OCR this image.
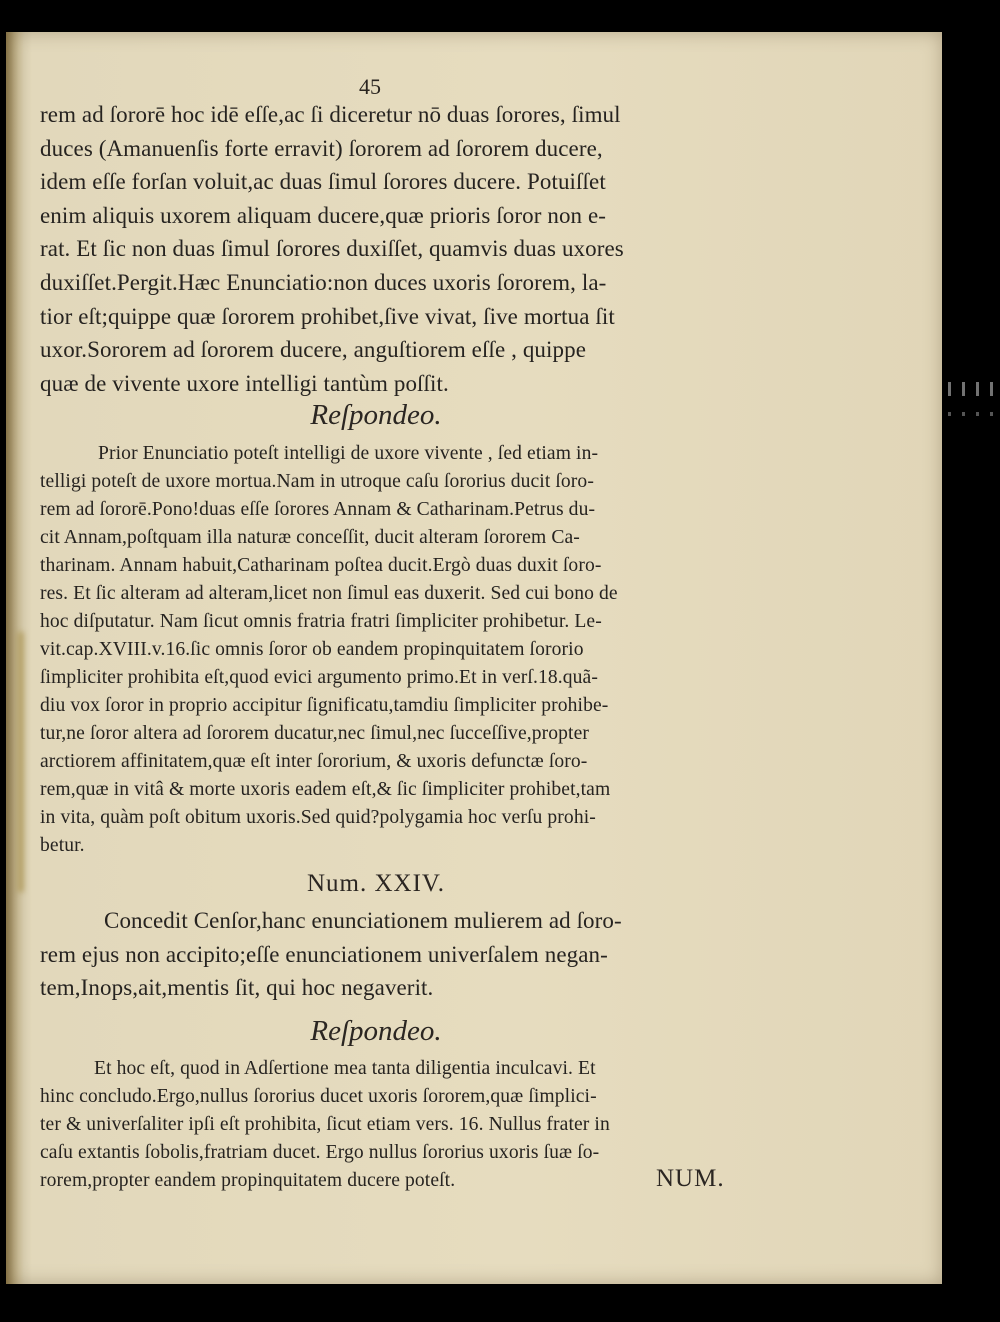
45
rem ad ſororē hoc idē eſſe,ac ſi diceretur nō duas ſorores, ſimul
duces (Amanuenſis forte erravit) ſororem ad ſororem ducere,
idem eſſe forſan voluit,ac duas ſimul ſorores ducere. Potuiſſet
enim aliquis uxorem aliquam ducere,quæ prioris ſoror non e-
rat. Et ſic non duas ſimul ſorores duxiſſet, quamvis duas uxores
duxiſſet.Pergit.Hæc Enunciatio:non duces uxoris ſororem, la-
tior eſt;quippe quæ ſororem prohibet,ſive vivat, ſive mortua ſit
uxor.Sororem ad ſororem ducere, anguſtiorem eſſe , quippe
quæ de vivente uxore intelligi tantùm poſſit.
Reſpondeo.
Prior Enunciatio poteſt intelligi de uxore vivente , ſed etiam in-
telligi poteſt de uxore mortua.Nam in utroque caſu ſororius ducit ſoro-
rem ad ſororē.Pono!duas eſſe ſorores Annam & Catharinam.Petrus du-
cit Annam,poſtquam illa naturæ conceſſit, ducit alteram ſororem Ca-
tharinam. Annam habuit,Catharinam poſtea ducit.Ergò duas duxit ſoro-
res. Et ſic alteram ad alteram,licet non ſimul eas duxerit. Sed cui bono de
hoc diſputatur. Nam ſicut omnis fratria fratri ſimpliciter prohibetur. Le-
vit.cap.XVIII.v.16.ſic omnis ſoror ob eandem propinquitatem ſororio
ſimpliciter prohibita eſt,quod evici argumento primo.Et in verſ.18.quã-
diu vox ſoror in proprio accipitur ſignificatu,tamdiu ſimpliciter prohibe-
tur,ne ſoror altera ad ſororem ducatur,nec ſimul,nec ſucceſſive,propter
arctiorem affinitatem,quæ eſt inter ſororium, & uxoris defunctæ ſoro-
rem,quæ in vitâ & morte uxoris eadem eſt,& ſic ſimpliciter prohibet,tam
in vita, quàm poſt obitum uxoris.Sed quid?polygamia hoc verſu prohi-
betur.
Num. XXIV.
Concedit Cenſor,hanc enunciationem mulierem ad ſoro-
rem ejus non accipito;eſſe enunciationem univerſalem negan-
tem,Inops,ait,mentis ſit, qui hoc negaverit.
Reſpondeo.
Et hoc eſt, quod in Adſertione mea tanta diligentia inculcavi. Et
hinc concludo.Ergo,nullus ſororius ducet uxoris ſororem,quæ ſimplici-
ter & univerſaliter ipſi eſt prohibita, ſicut etiam vers. 16. Nullus frater in
caſu extantis ſobolis,fratriam ducet. Ergo nullus ſororius uxoris ſuæ ſo-
rorem,propter eandem propinquitatem ducere poteſt.	NUM.
